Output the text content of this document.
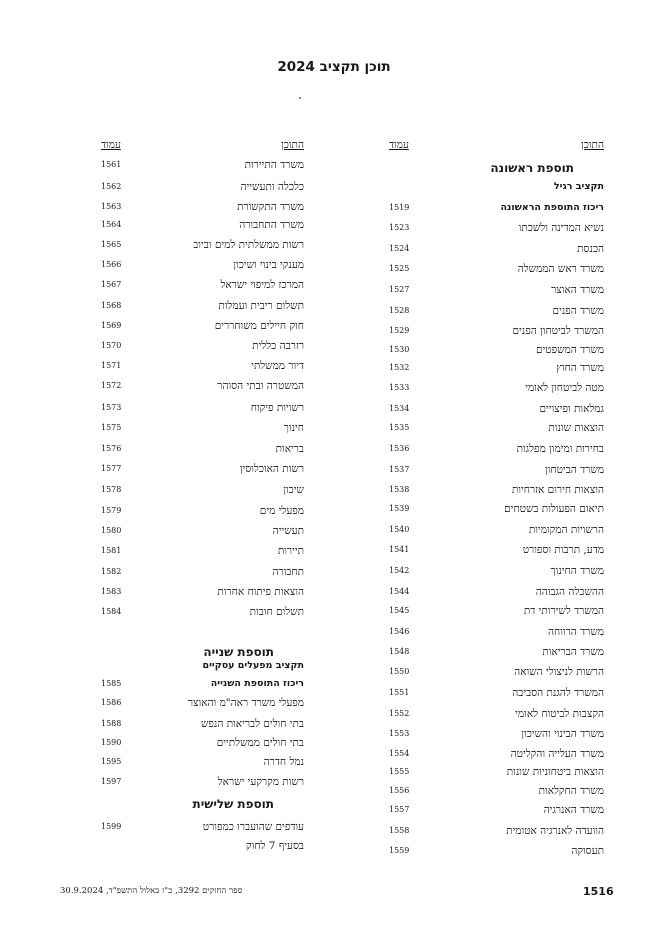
תוכן תקציב 2024
התוכן
עמוד
תוספת ראשונה
תקציב רגיל
ריכוז התוספת הראשונה
1519
נשיא המדינה ולשכתו
1523
הכנסת
1524
משרד ראש הממשלה
1525
משרד האוצר
1527
משרד הפנים
1528
המשרד לביטחון הפנים
1529
משרד המשפטים
1530
משרד החוץ
1532
מטה לביטחון לאומי
1533
גמלאות ופיצויים
1534
הוצאות שונות
1535
בחירות ומימון מפלגות
1536
משרד הביטחון
1537
הוצאות חירום אזרחיות
1538
תיאום הפעולות בשטחים
1539
הרשויות המקומיות
1540
מדע, תרבות וספורט
1541
משרד החינוך
1542
ההשכלה הגבוהה
1544
המשרד לשירותי דת
1545
משרד הרווחה
1546
משרד הבריאות
1548
הרשות לניצולי השואה
1550
המשרד להגנת הסביבה
1551
הקצבות לביטוח לאומי
1552
משרד הבינוי והשיכון
1553
משרד העלייה והקליטה
1554
הוצאות ביטחוניות שונות
1555
משרד החקלאות
1556
משרד האנרגיה
1557
הוועדה לאנרגיה אטומית
1558
תעסוקה
1559
התוכן
עמוד
משרד התיירות
1561
כלכלה ותעשייה
1562
משרד התקשורת
1563
משרד התחבורה
1564
רשות ממשלתית למים וביוב
1565
מענקי בינוי ושיכון
1566
המרכז למיפוי ישראל
1567
תשלום ריבית ועמלות
1568
חוק חיילים משוחררים
1569
רזרבה כללית
1570
דיור ממשלתי
1571
המשטרה ובתי הסוהר
1572
רשויות פיקוח
1573
חינוך
1575
בריאות
1576
רשות האוכלוסין
1577
שיכון
1578
מפעלי מים
1579
תעשייה
1580
תיירות
1581
תחבורה
1582
הוצאות פיתוח אחרות
1583
תשלום חובות
1584
תוספת שנייה
תקציב מפעלים עסקיים
ריכוז התוספת השנייה
1585
מפעלי משרד ראה"מ והאוצר
1586
בתי חולים לבריאות הנפש
1588
בתי חולים ממשלתיים
1590
נמל חדרה
1595
רשות מקרקעי ישראל
1597
תוספת שלישית
עודפים שהועברו כמפורט
1599
בסעיף 7 לחוק
1516
ספר החוקים 3292, כ"ז באלול התשפ"ד, 30.9.2024
